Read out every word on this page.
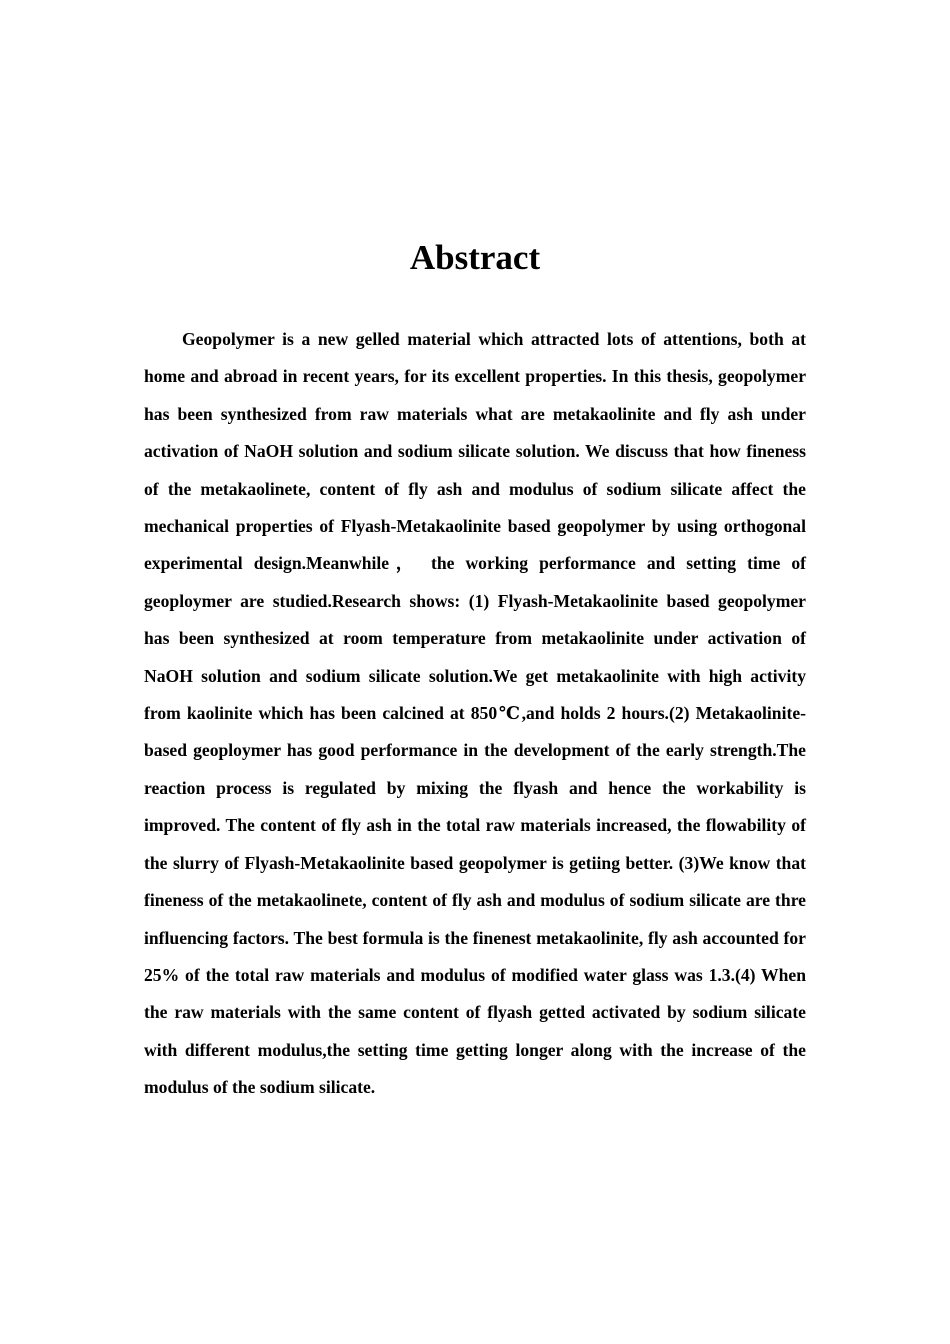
Abstract

Geopolymer is a new gelled material which attracted lots of attentions, both at home and abroad in recent years, for its excellent properties. In this thesis, geopolymer has been synthesized from raw materials what are metakaolinite and fly ash under activation of NaOH solution and sodium silicate solution. We discuss that how fineness of the metakaolinete, content of fly ash and modulus of sodium silicate affect the mechanical properties of Flyash-Metakaolinite based geopolymer by using orthogonal experimental design.Meanwhile， the working performance and setting time of geoploymer are studied.Research shows: (1) Flyash-Metakaolinite based geopolymer has been synthesized at room temperature from metakaolinite under activation of NaOH solution and sodium silicate solution.We get metakaolinite with high activity from kaolinite which has been calcined at 850℃,and holds 2 hours.(2) Metakaolinite-based geoploymer has good performance in the development of the early strength.The reaction process is regulated by mixing the flyash and hence the workability is improved. The content of fly ash in the total raw materials increased, the flowability of the slurry of Flyash-Metakaolinite based geopolymer is getiing better. (3)We know that fineness of the metakaolinete, content of fly ash and modulus of sodium silicate are thre influencing factors. The best formula is the finenest metakaolinite, fly ash accounted for 25% of the total raw materials and modulus of modified water glass was 1.3.(4) When the raw materials with the same content of flyash getted activated by sodium silicate with different modulus,the setting time getting longer along with the increase of the modulus of the sodium silicate.
